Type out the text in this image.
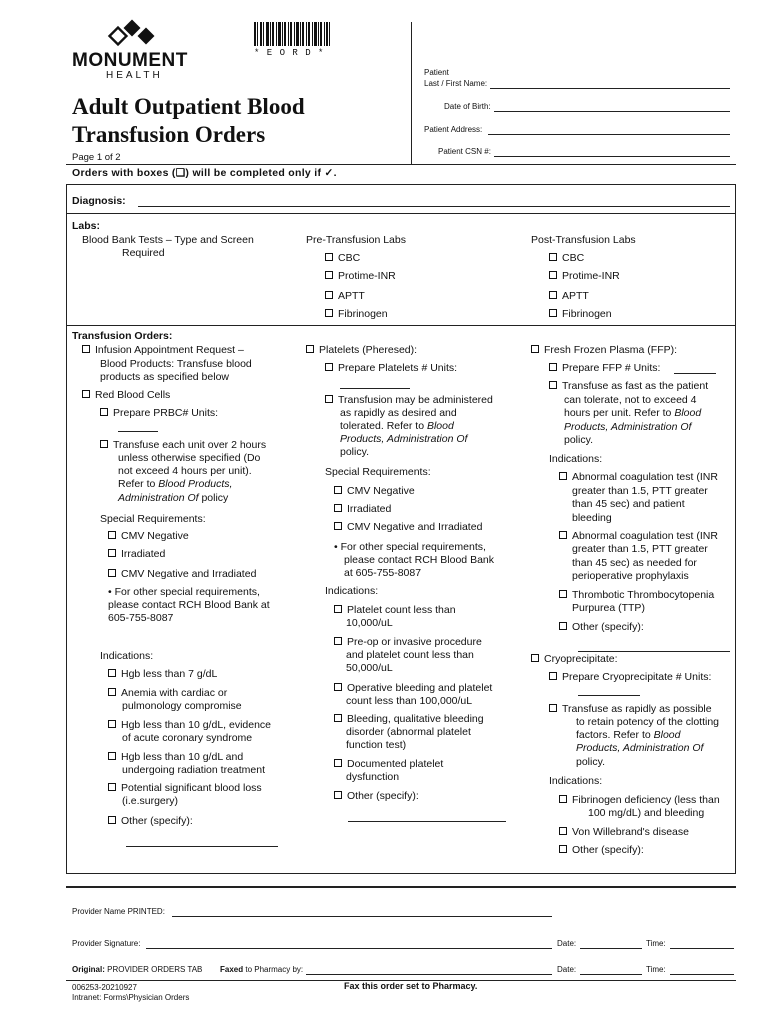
MONUMENT
HEALTH
* E O R D *
Adult Outpatient Blood
Transfusion Orders
Page 1 of 2
Patient
Last / First Name:
Date of Birth:
Patient Address:
Patient CSN #:
Orders with boxes (❑) will be completed only if ✓.
Diagnosis:
Labs:
Blood Bank Tests – Type and Screen
Required
Pre-Transfusion Labs
CBC
Protime-INR
APTT
Fibrinogen
Post-Transfusion Labs
CBC
Protime-INR
APTT
Fibrinogen
Transfusion Orders:
Infusion Appointment Request –
Blood Products: Transfuse blood
products as specified below
Red Blood Cells
Prepare PRBC# Units:
Transfuse each unit over 2 hours
unless otherwise specified (Do
not exceed 4 hours per unit).
Refer to Blood Products,
Administration Of policy
Special Requirements:
CMV Negative
Irradiated
CMV Negative and Irradiated
• For other special requirements,
please contact RCH Blood Bank at
605-755-8087
Indications:
Hgb less than 7 g/dL
Anemia with cardiac or
pulmonology compromise
Hgb less than 10 g/dL, evidence
of acute coronary syndrome
Hgb less than 10 g/dL and
undergoing radiation treatment
Potential significant blood loss
(i.e.surgery)
Other (specify):
Platelets (Pheresed):
Prepare Platelets # Units:
Transfusion may be administered
as rapidly as desired and
tolerated. Refer to Blood
Products, Administration Of
policy.
Special Requirements:
CMV Negative
Irradiated
CMV Negative and Irradiated
• For other special requirements,
please contact RCH Blood Bank
at 605-755-8087
Indications:
Platelet count less than
10,000/uL
Pre-op or invasive procedure
and platelet count less than
50,000/uL
Operative bleeding and platelet
count less than 100,000/uL
Bleeding, qualitative bleeding
disorder (abnormal platelet
function test)
Documented platelet
dysfunction
Other (specify):
Fresh Frozen Plasma (FFP):
Prepare FFP # Units:
Transfuse as fast as the patient
can tolerate, not to exceed 4
hours per unit. Refer to Blood
Products, Administration Of
policy.
Indications:
Abnormal coagulation test (INR
greater than 1.5, PTT greater
than 45 sec) and patient
bleeding
Abnormal coagulation test (INR
greater than 1.5, PTT greater
than 45 sec) as needed for
perioperative prophylaxis
Thrombotic Thrombocytopenia
Purpurea (TTP)
Other (specify):
Cryoprecipitate:
Prepare Cryoprecipitate # Units:
Transfuse as rapidly as possible
to retain potency of the clotting
factors. Refer to Blood
Products, Administration Of
policy.
Indications:
Fibrinogen deficiency (less than
100 mg/dL) and bleeding
Von Willebrand's disease
Other (specify):
Provider Name PRINTED:
Provider Signature:	Date:	Time:
Original: PROVIDER ORDERS TAB Faxed to Pharmacy by:	Date:	Time:
006253-20210927
Intranet: Forms\Physician Orders
Fax this order set to Pharmacy.
